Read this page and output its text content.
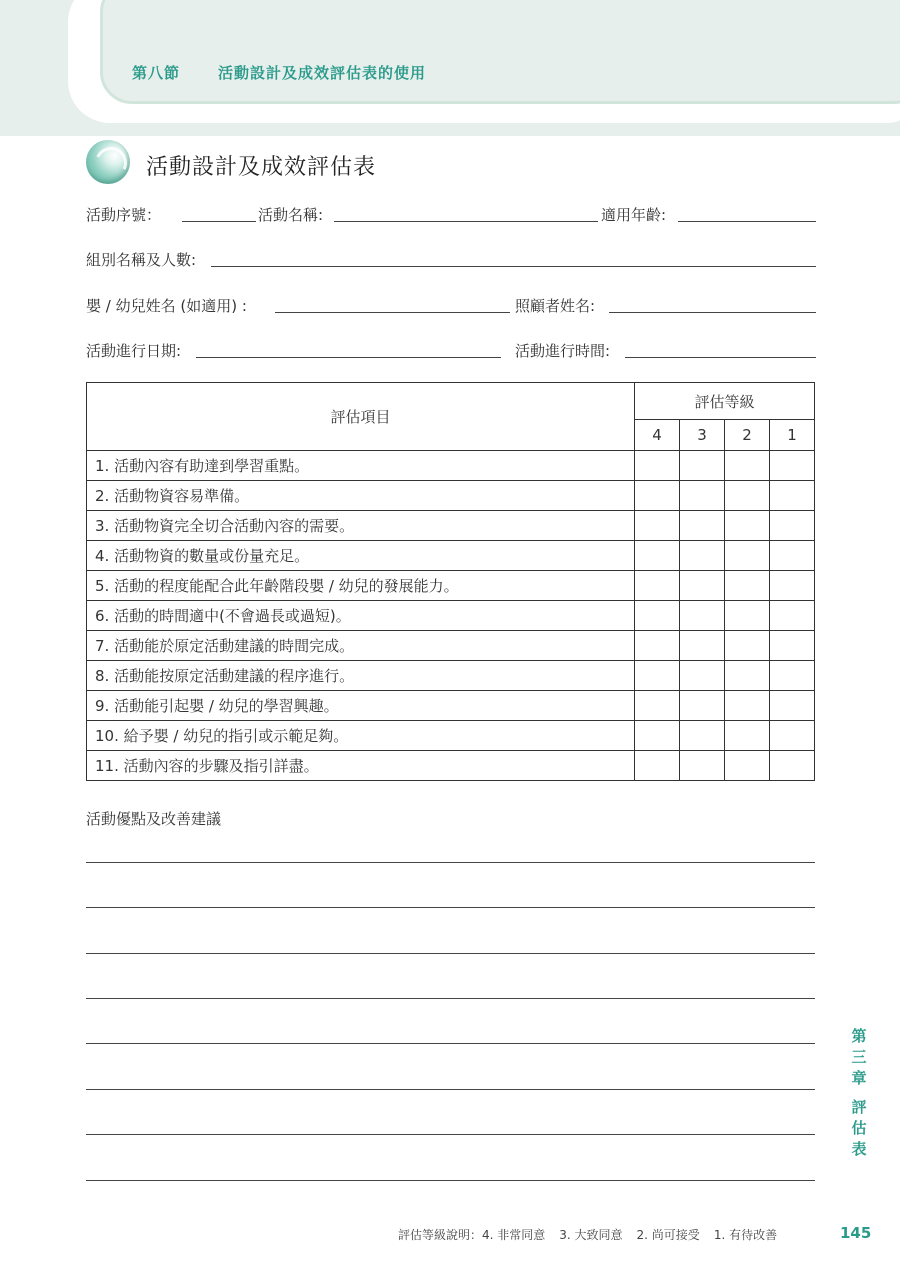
第八節	活動設計及成效評估表的使用
活動設計及成效評估表
活動序號：	活動名稱:	適用年齡:
組別名稱及人數:
嬰 / 幼兒姓名 (如適用) :	照顧者姓名:
活動進行日期:	活動進行時間:
評估項目	評估等級			
	4	3	2	1
1. 活動內容有助達到學習重點。				
2. 活動物資容易準備。				
3. 活動物資完全切合活動內容的需要。				
4. 活動物資的數量或份量充足。				
5. 活動的程度能配合此年齡階段嬰 / 幼兒的發展能力。				
6. 活動的時間適中(不會過長或過短)。				
7. 活動能於原定活動建議的時間完成。				
8. 活動能按原定活動建議的程序進行。				
9. 活動能引起嬰 / 幼兒的學習興趣。				
10. 給予嬰 / 幼兒的指引或示範足夠。				
11. 活動內容的步驟及指引詳盡。				
活動優點及改善建議
第三章
評估表
評估等級說明：4. 非常同意 3. 大致同意 2. 尚可接受 1. 有待改善	145
